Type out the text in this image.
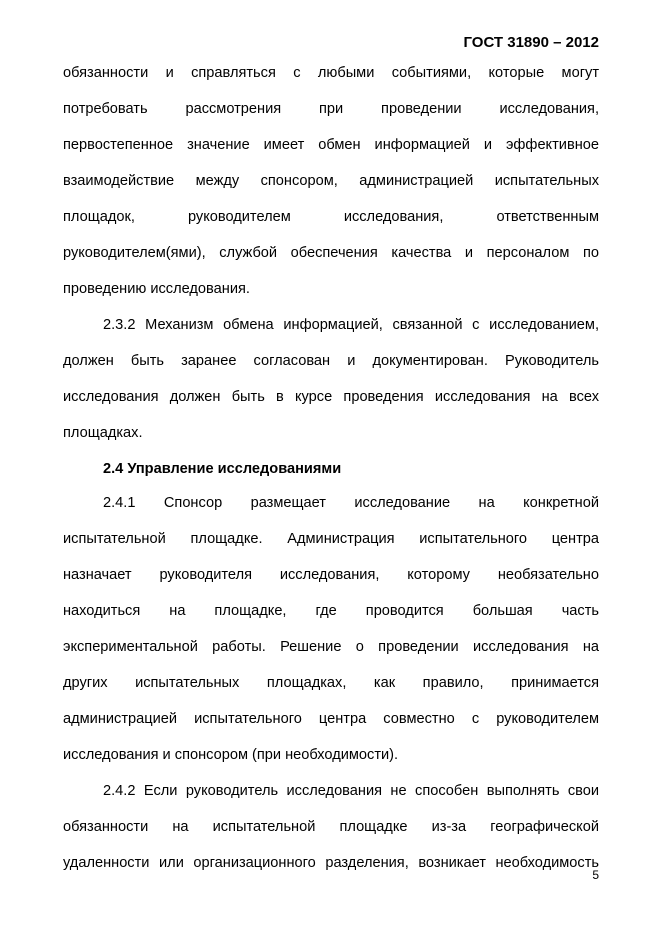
ГОСТ 31890 – 2012
обязанности и справляться с любыми событиями, которые могут
потребовать рассмотрения при проведении исследования,
первостепенное значение имеет обмен информацией и эффективное
взаимодействие между спонсором, администрацией испытательных
площадок, руководителем исследования, ответственным
руководителем(ями), службой обеспечения качества и персоналом по
проведению исследования.
2.3.2 Механизм обмена информацией, связанной с исследованием,
должен быть заранее согласован и документирован. Руководитель
исследования должен быть в курсе проведения исследования на всех
площадках.
2.4 Управление исследованиями
2.4.1 Спонсор размещает исследование на конкретной
испытательной площадке. Администрация испытательного центра
назначает руководителя исследования, которому необязательно
находиться на площадке, где проводится большая часть
экспериментальной работы. Решение о проведении исследования на
других испытательных площадках, как правило, принимается
администрацией испытательного центра совместно с руководителем
исследования и спонсором (при необходимости).
2.4.2 Если руководитель исследования не способен выполнять свои
обязанности на испытательной площадке из-за географической
удаленности или организационного разделения, возникает необходимость
5
